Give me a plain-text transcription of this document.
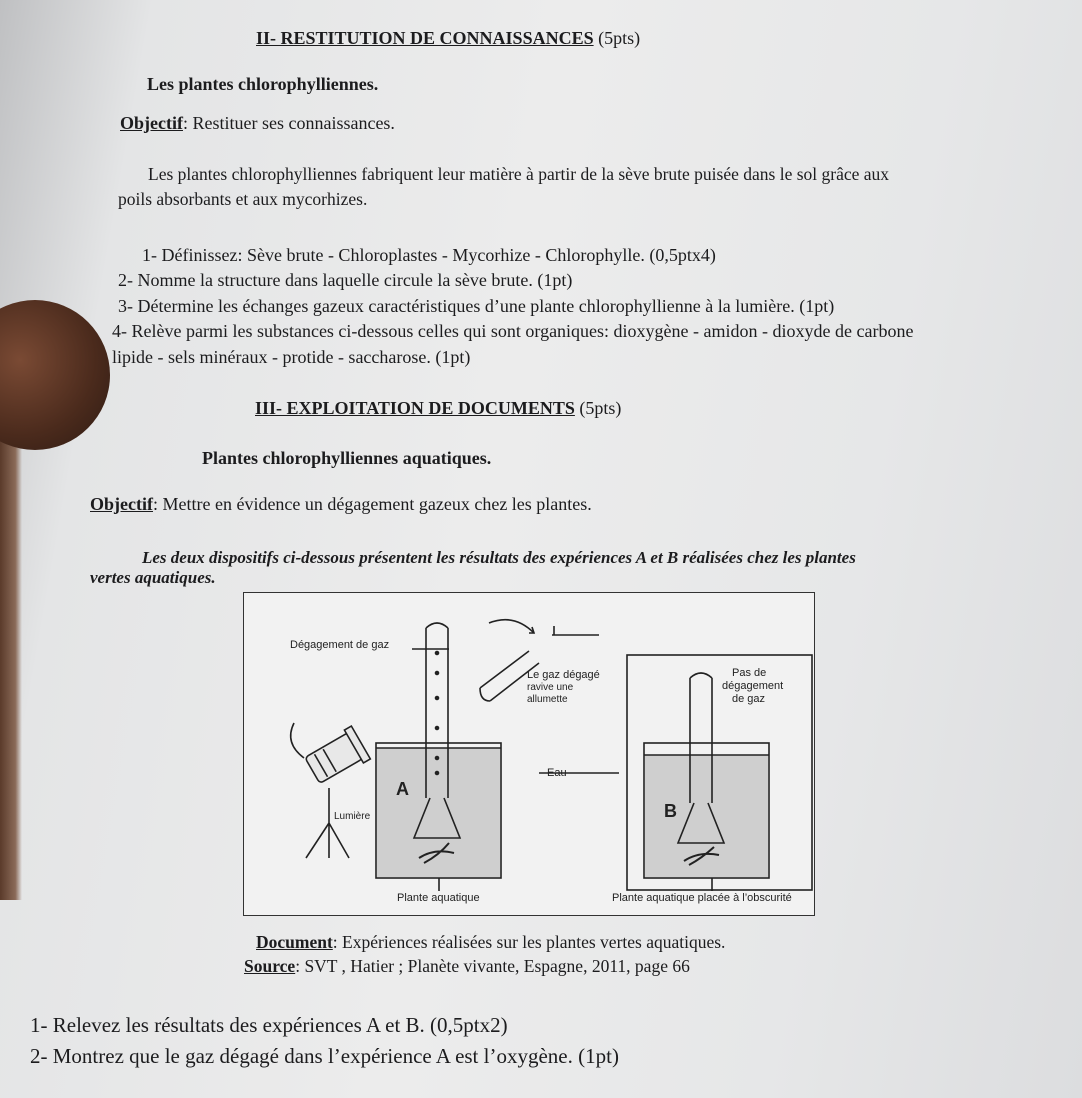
II- RESTITUTION DE CONNAISSANCES (5pts)
Les plantes chlorophylliennes.
Objectif: Restituer ses connaissances.
Les plantes chlorophylliennes fabriquent leur matière à partir de la sève brute puisée dans le sol grâce aux
poils absorbants et aux mycorhizes.
1- Définissez: Sève brute - Chloroplastes - Mycorhize - Chlorophylle. (0,5ptx4)
2- Nomme la structure dans laquelle circule la sève brute. (1pt)
3- Détermine les échanges gazeux caractéristiques d’une plante chlorophyllienne à la lumière. (1pt)
4- Relève parmi les substances ci-dessous celles qui sont organiques: dioxygène - amidon - dioxyde de carbone
lipide - sels minéraux - protide - saccharose. (1pt)
III- EXPLOITATION DE DOCUMENTS (5pts)
Plantes chlorophylliennes aquatiques.
Objectif: Mettre en évidence un dégagement gazeux chez les plantes.
Les deux dispositifs ci-dessous présentent les résultats des expériences A et B réalisées chez les plantes
vertes aquatiques.
Dégagement de gaz
Le gaz dégagé
ravive une
allumette
Eau
Lumière
A
B
Pas de
dégagement
de gaz
Plante aquatique	Plante aquatique placée à l’obscurité
Document: Expériences réalisées sur les plantes vertes aquatiques.
Source: SVT , Hatier ; Planète vivante, Espagne, 2011, page 66
1- Relevez les résultats des expériences A et B. (0,5ptx2)
2- Montrez que le gaz dégagé dans l’expérience A est l’oxygène. (1pt)
